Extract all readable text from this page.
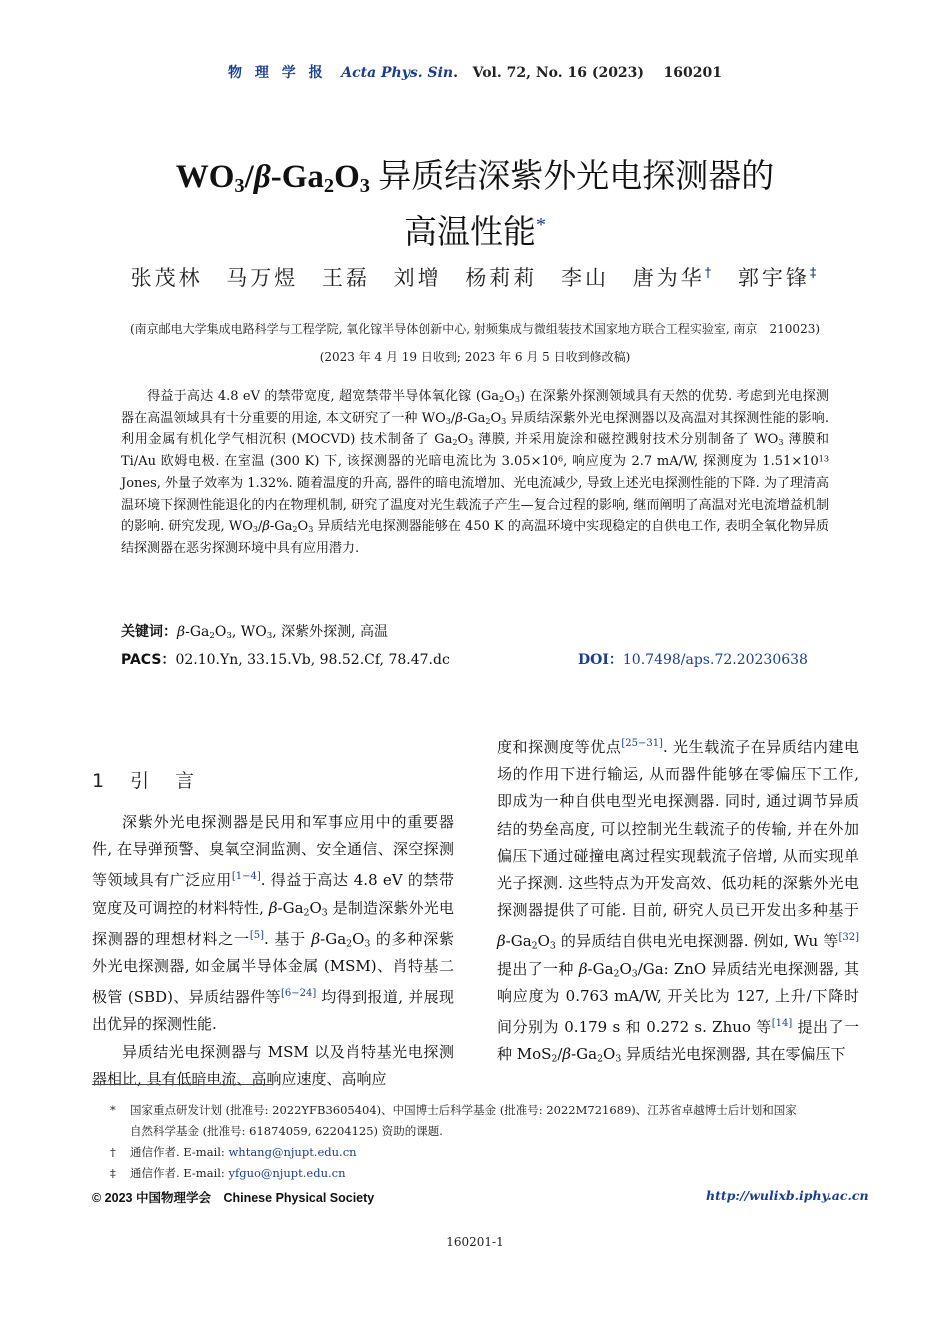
物 理 学 报 Acta Phys. Sin. Vol. 72, No. 16 (2023) 160201
$WO_3/\beta-Ga_2O_3$ 异质结深紫外光电探测器的
高温性能*
张茂林 马万煜 王磊 刘增 杨莉莉 李山 唐为华† 郭宇锋‡
(南京邮电大学集成电路科学与工程学院, 氧化镓半导体创新中心, 射频集成与微组装技术国家地方联合工程实验室, 南京　210023)
(2023 年 4 月 19 日收到; 2023 年 6 月 5 日收到修改稿)
  得益于高达 4.8 eV 的禁带宽度, 超宽禁带半导体氧化镓 $(Ga_2O_3)$ 在深紫外探测领域具有天然的优势. 考虑到光电探测器在高温领域具有十分重要的用途, 本文研究了一种 $WO_3/\beta-Ga_2O_3$ 异质结深紫外光电探测器以及高温对其探测性能的影响. 利用金属有机化学气相沉积 (MOCVD) 技术制备了 $Ga_2O_3$ 薄膜, 并采用旋涂和磁控溅射技术分别制备了 $WO_3$ 薄膜和 Ti/Au 欧姆电极. 在室温 (300 K) 下, 该探测器的光暗电流比为 $3.05\times 10^6$, 响应度为 2.7 mA/W, 探测度为 $1.51\times 10^{13}$ Jones, 外量子效率为 1.32%. 随着温度的升高, 器件的暗电流增加、光电流减少, 导致上述光电探测性能的下降. 为了理清高温环境下探测性能退化的内在物理机制, 研究了温度对光生载流子产生—复合过程的影响, 继而阐明了高温对光电流增益机制的影响. 研究发现, $WO_3/\beta-Ga_2O_3$ 异质结光电探测器能够在 450 K 的高温环境中实现稳定的自供电工作, 表明全氧化物异质结探测器在恶劣探测环境中具有应用潜力.
关键词：$\beta-Ga_2O_3$, $WO_3$, 深紫外探测, 高温
PACS：02.10.Yn, 33.15.Vb, 98.52.Cf, 78.47.dc	DOI：10.7498/aps.72.20230638
1 引 言

深紫外光电探测器是民用和军事应用中的重要器件, 在导弹预警、臭氧空洞监测、安全通信、深空探测等领域具有广泛应用[1−4]. 得益于高达 4.8 eV 的禁带宽度及可调控的材料特性, $\beta-Ga_2O_3$ 是制造深紫外光电探测器的理想材料之一[5]. 基于 $\beta-Ga_2O_3$ 的多种深紫外光电探测器, 如金属半导体金属 (MSM)、肖特基二极管 (SBD)、异质结器件等[6−24] 均得到报道, 并展现出优异的探测性能.

异质结光电探测器与 MSM 以及肖特基光电探测器相比, 具有低暗电流、高响应速度、高响应

度和探测度等优点[25−31]. 光生载流子在异质结内建电场的作用下进行输运, 从而器件能够在零偏压下工作, 即成为一种自供电型光电探测器. 同时, 通过调节异质结的势垒高度, 可以控制光生载流子的传输, 并在外加偏压下通过碰撞电离过程实现载流子倍增, 从而实现单光子探测. 这些特点为开发高效、低功耗的深紫外光电探测器提供了可能. 目前, 研究人员已开发出多种基于 $\beta-Ga_2O_3$ 的异质结自供电光电探测器. 例如, Wu 等[32] 提出了一种 $\beta-Ga_2O_3/Ga$: ZnO 异质结光电探测器, 其响应度为 0.763 mA/W, 开关比为 127, 上升/下降时间分别为 0.179 s 和 0.272 s. Zhuo 等[14] 提出了一种 $MoS_2/\beta-Ga_2O_3$ 异质结光电探测器, 其在零偏压下
* 国家重点研发计划 (批准号: 2022YFB3605404)、中国博士后科学基金 (批准号: 2022M721689)、江苏省卓越博士后计划和国家
自然科学基金 (批准号: 61874059, 62204125) 资助的课题.
† 通信作者. E-mail: whtang@njupt.edu.cn
‡ 通信作者. E-mail: yfguo@njupt.edu.cn
© 2023 中国物理学会　Chinese Physical Society	http://wulixb.iphy.ac.cn
160201-1
